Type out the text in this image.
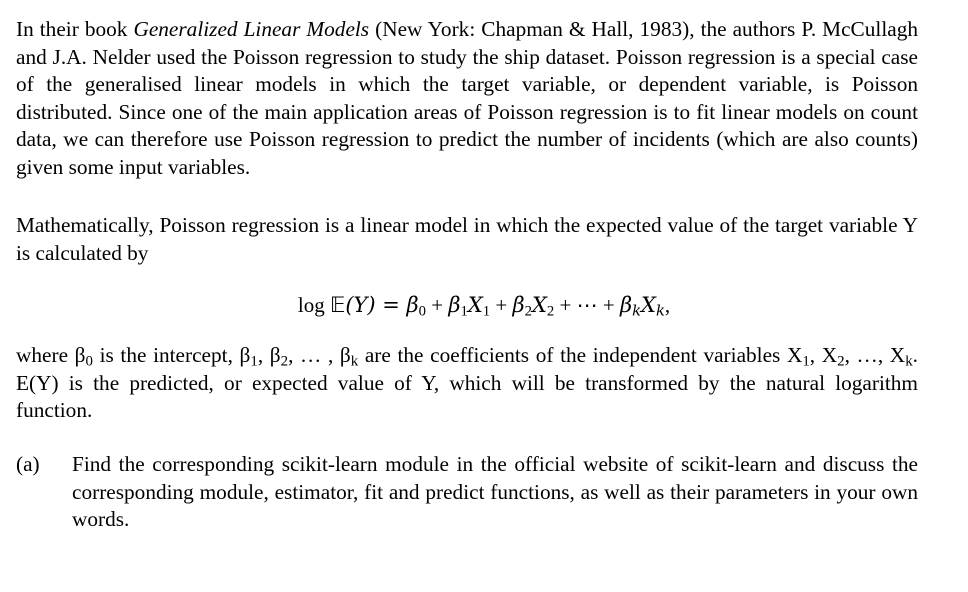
In their book Generalized Linear Models (New York: Chapman & Hall, 1983), the authors P. McCullagh and J.A. Nelder used the Poisson regression to study the ship dataset. Poisson regression is a special case of the generalised linear models in which the target variable, or dependent variable, is Poisson distributed. Since one of the main application areas of Poisson regression is to fit linear models on count data, we can therefore use Poisson regression to predict the number of incidents (which are also counts) given some input variables.

Mathematically, Poisson regression is a linear model in which the expected value of the target variable Y is calculated by

log 𝔼(Y) = $\beta_0 + \beta_1X_1 + \beta_2X_2$ + ⋯ + $\beta_kX_k$,

where $\beta_0$ is the intercept, $\beta_1$, $\beta_2$, … , $\beta_k$ are the coefficients of the independent variables $X_1$, $X_2$, …, $X_k$. E(Y) is the predicted, or expected value of Y, which will be transformed by the natural logarithm function.

(a)	Find the corresponding scikit-learn module in the official website of scikit-learn and discuss the corresponding module, estimator, fit and predict functions, as well as their parameters in your own words.
